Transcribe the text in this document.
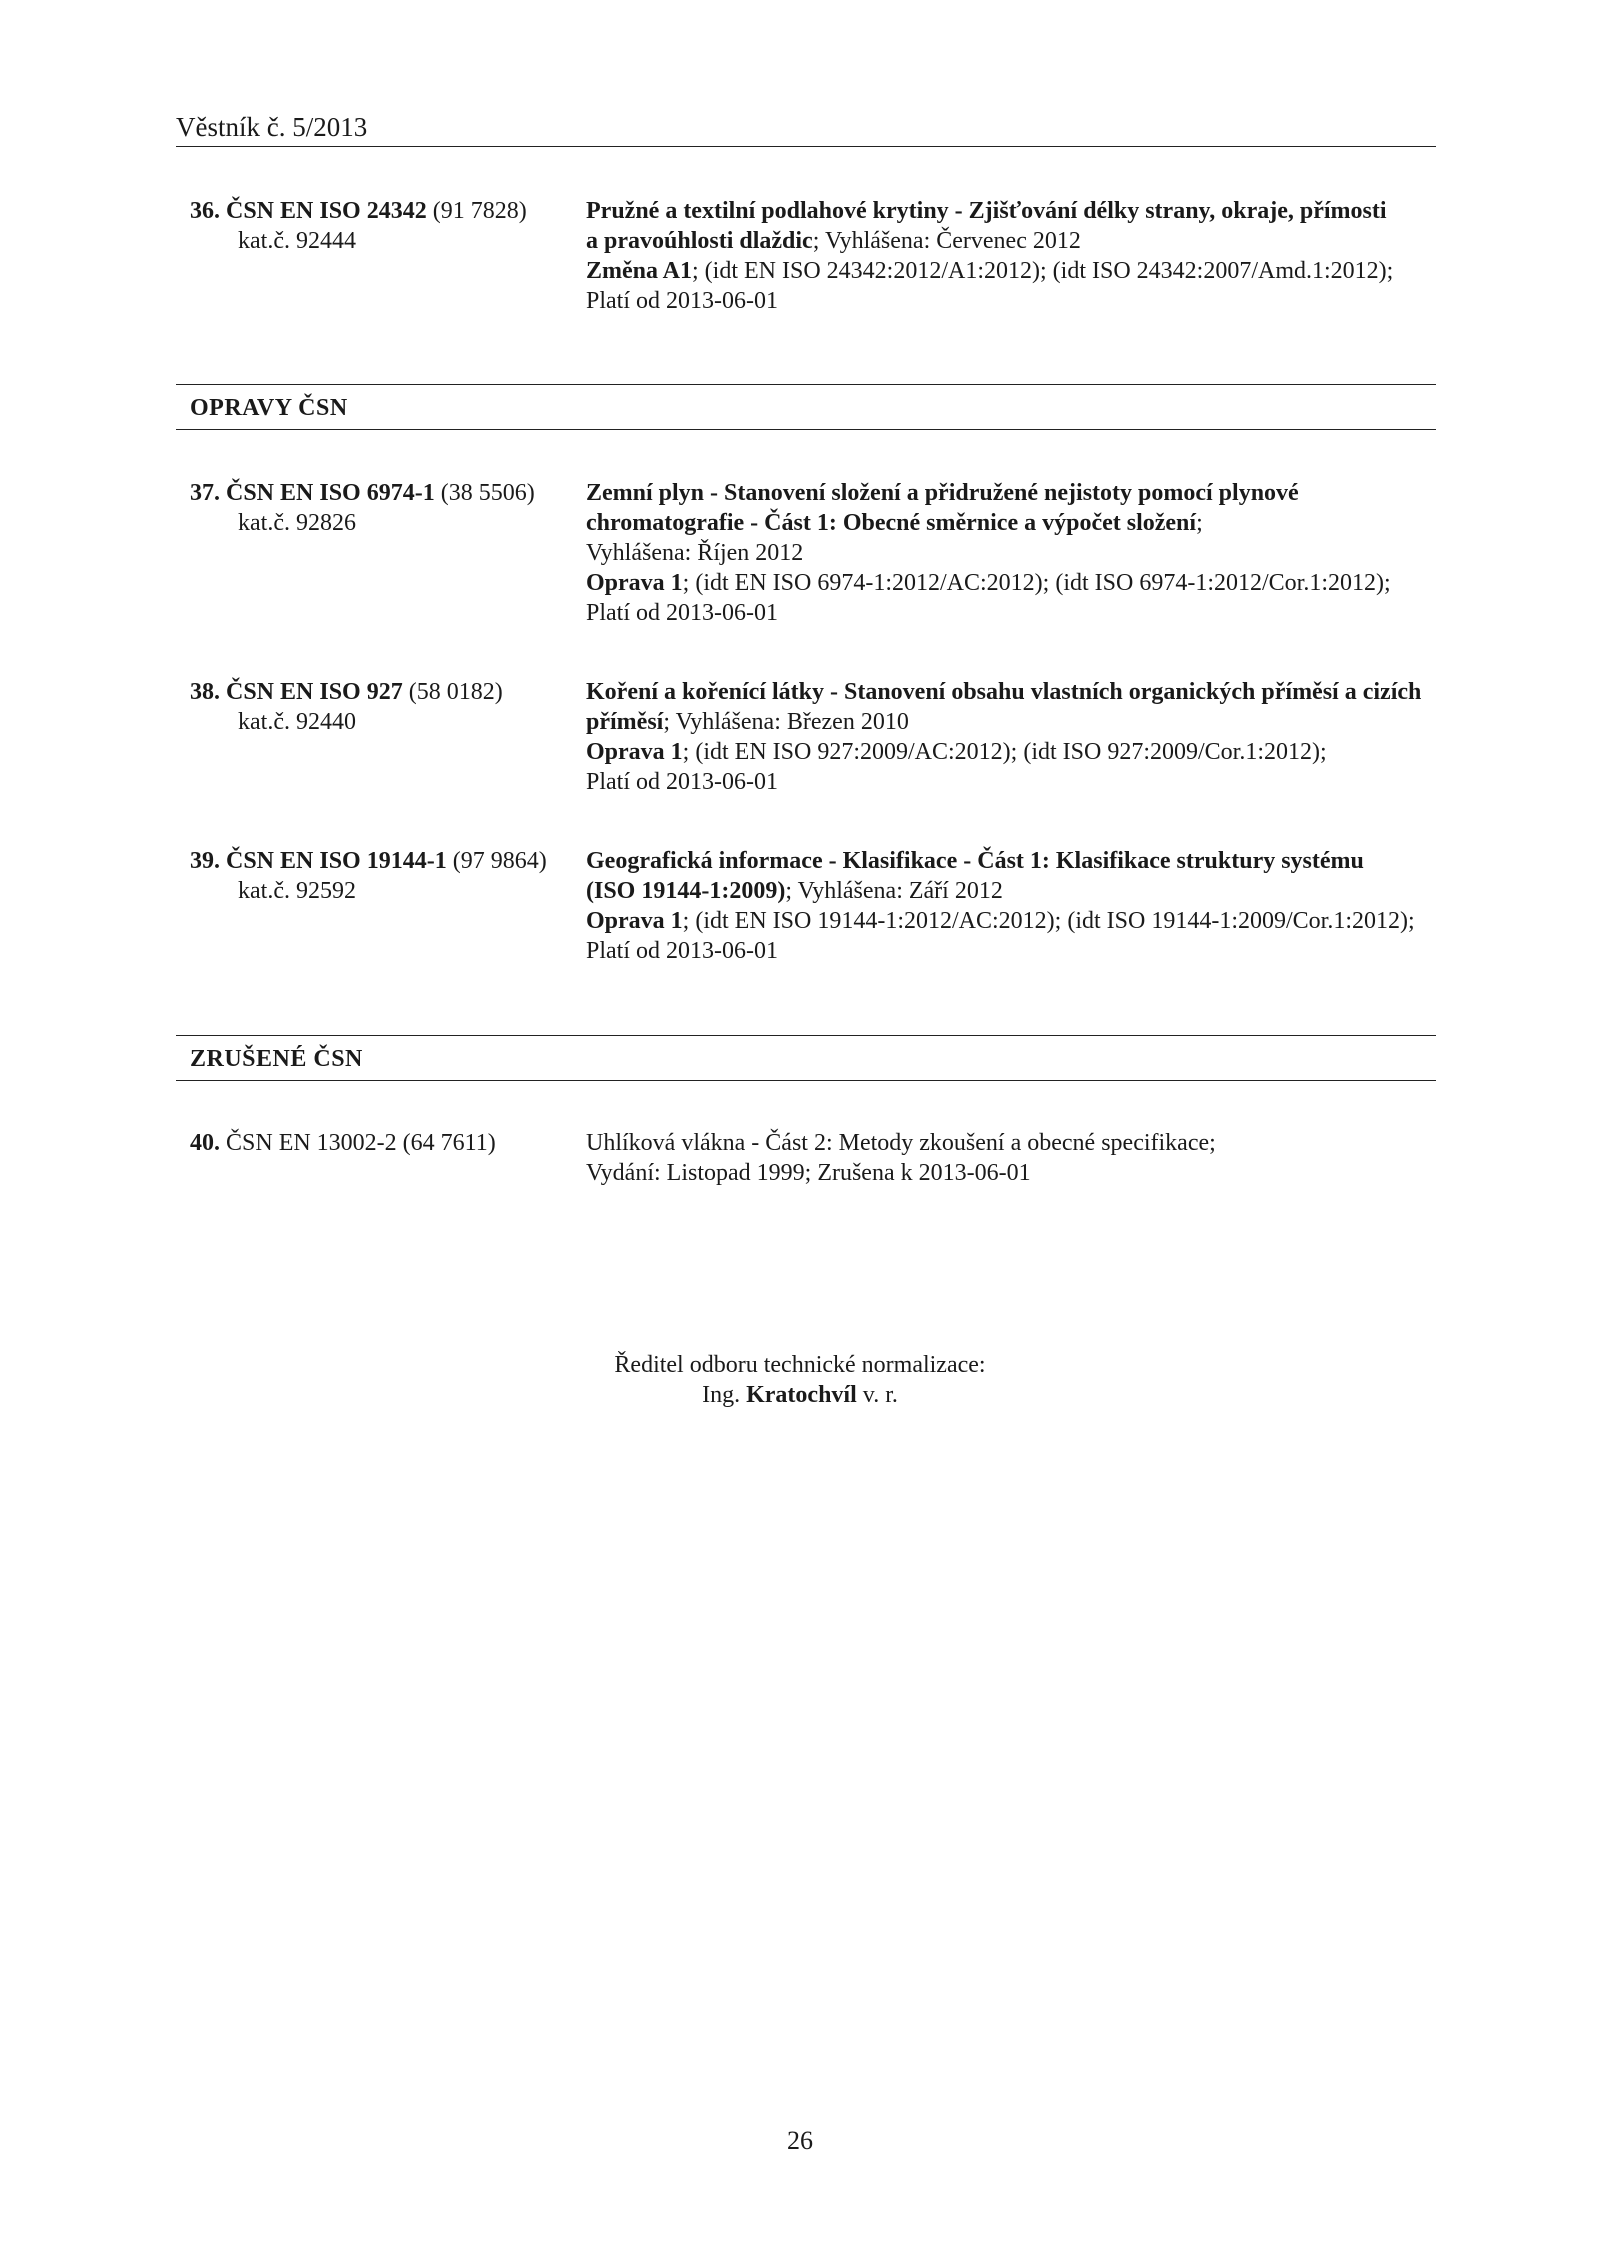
Věstník č. 5/2013
36. ČSN EN ISO 24342 (91 7828)
kat.č. 92444
Pružné a textilní podlahové krytiny - Zjišťování délky strany, okraje, přímosti
a pravoúhlosti dlaždic; Vyhlášena: Červenec 2012
Změna A1; (idt EN ISO 24342:2012/A1:2012); (idt ISO 24342:2007/Amd.1:2012);
Platí od 2013-06-01
OPRAVY ČSN
37. ČSN EN ISO 6974-1 (38 5506)
kat.č. 92826
Zemní plyn - Stanovení složení a přidružené nejistoty pomocí plynové
chromatografie - Část 1: Obecné směrnice a výpočet složení;
Vyhlášena: Říjen 2012
Oprava 1; (idt EN ISO 6974-1:2012/AC:2012); (idt ISO 6974-1:2012/Cor.1:2012);
Platí od 2013-06-01
38. ČSN EN ISO 927 (58 0182)
kat.č. 92440
Koření a kořenící látky - Stanovení obsahu vlastních organických příměsí a cizích
příměsí; Vyhlášena: Březen 2010
Oprava 1; (idt EN ISO 927:2009/AC:2012); (idt ISO 927:2009/Cor.1:2012);
Platí od 2013-06-01
39. ČSN EN ISO 19144-1 (97 9864)
kat.č. 92592
Geografická informace - Klasifikace - Část 1: Klasifikace struktury systému
(ISO 19144-1:2009); Vyhlášena: Září 2012
Oprava 1; (idt EN ISO 19144-1:2012/AC:2012); (idt ISO 19144-1:2009/Cor.1:2012);
Platí od 2013-06-01
ZRUŠENÉ ČSN
40. ČSN EN 13002-2 (64 7611)	Uhlíková vlákna - Část 2: Metody zkoušení a obecné specifikace;
Vydání: Listopad 1999; Zrušena k 2013-06-01
Ředitel odboru technické normalizace:
Ing. Kratochvíl v. r.
26
